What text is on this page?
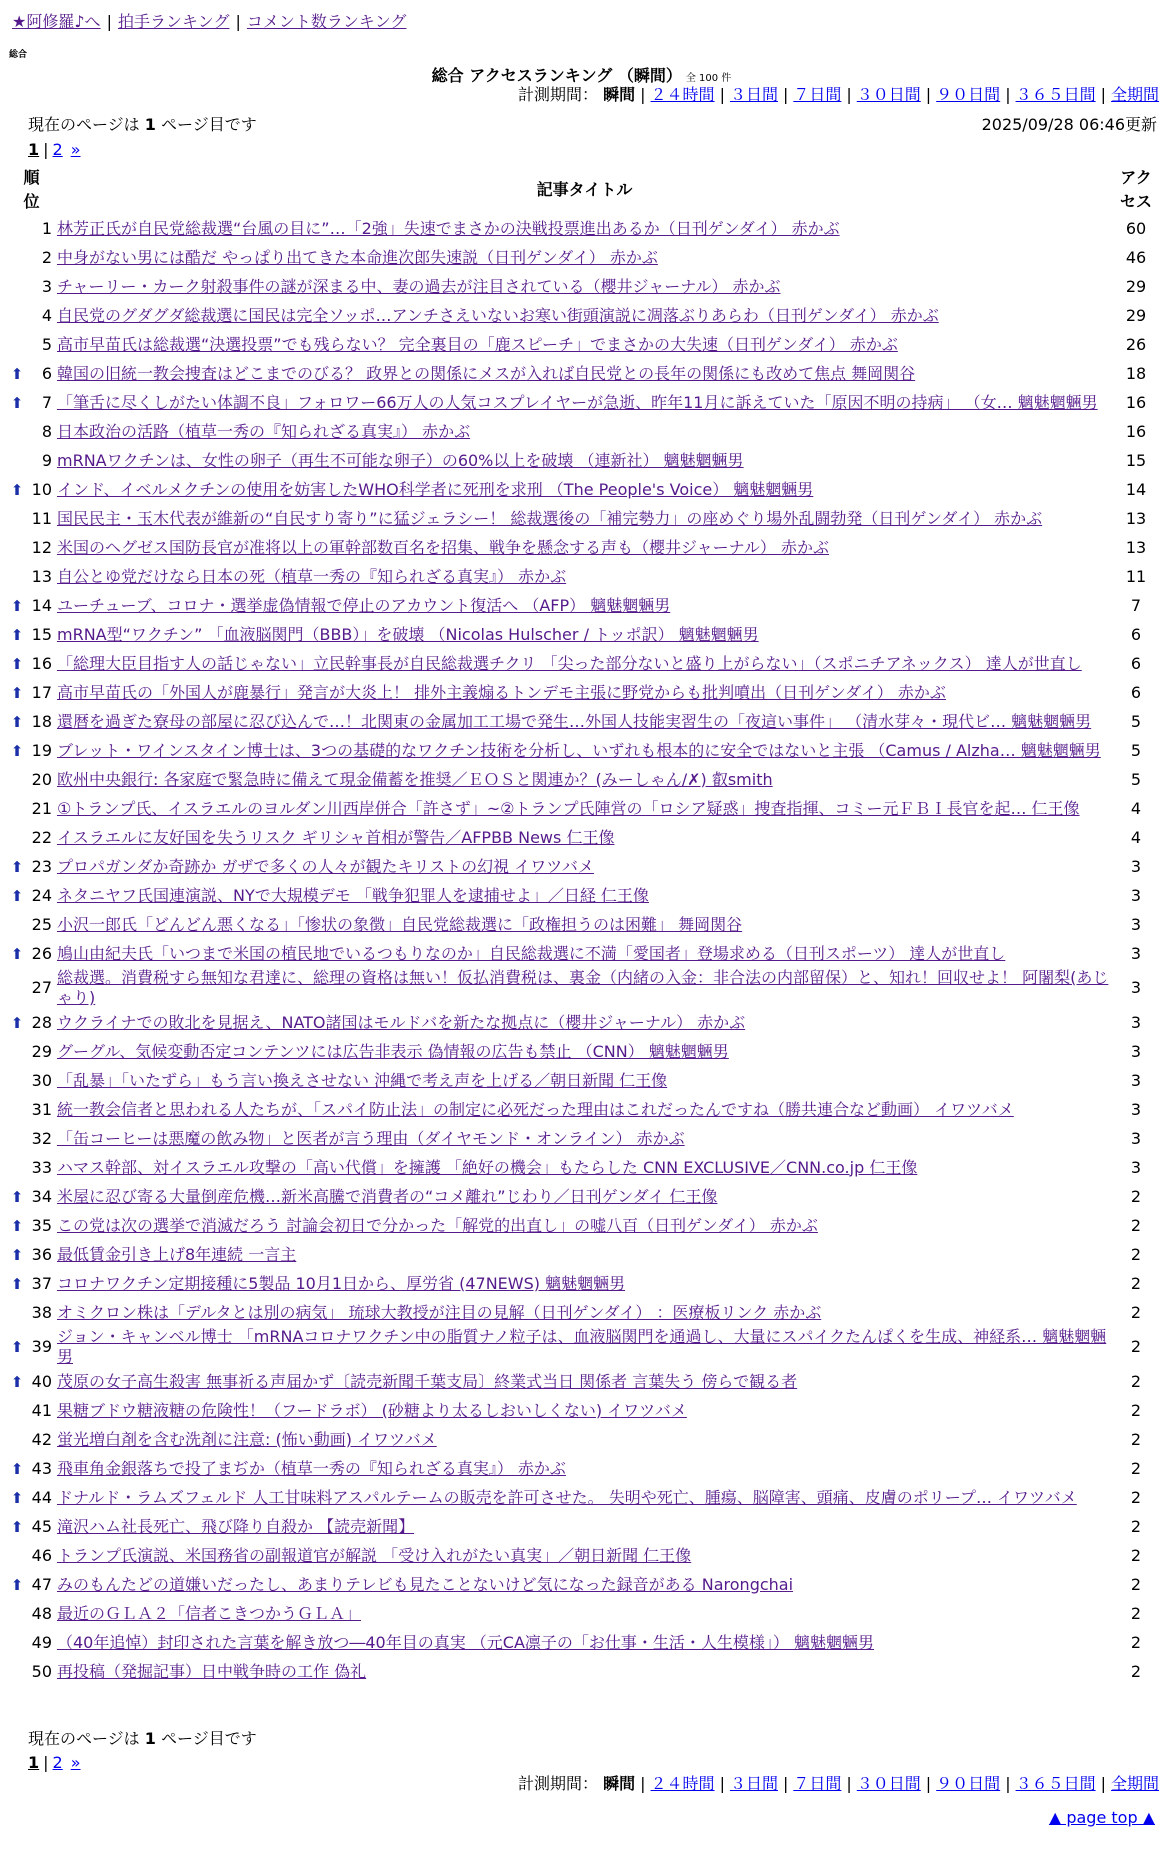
★阿修羅♪へ | 拍手ランキング | コメント数ランキング
総合
総合 アクセスランキング （瞬間） 全 100 件
計測期間： 瞬間 | ２４時間 | ３日間 | ７日間 | ３０日間 | ９０日間 | ３６５日間 | 全期間
現在のページは 1 ページ目です	2025/09/28 06:46更新
1 | 2 »
順
位		記事タイトル	アク
セス
	1	林芳正氏が自民党総裁選“台風の目に”…「2強」失速でまさかの決戦投票進出あるか（日刊ゲンダイ） 赤かぶ	60
	2	中身がない男には酷だ やっぱり出てきた本命進次郎失速説（日刊ゲンダイ） 赤かぶ	46
	3	チャーリー・カーク射殺事件の謎が深まる中、妻の過去が注目されている（櫻井ジャーナル） 赤かぶ	29
	4	自民党のグダグダ総裁選に国民は完全ソッポ…アンチさえいないお寒い街頭演説に凋落ぶりあらわ（日刊ゲンダイ） 赤かぶ	29
	5	高市早苗氏は総裁選“決選投票”でも残らない？ 完全裏目の「鹿スピーチ」でまさかの大失速（日刊ゲンダイ） 赤かぶ	26
⬆	6	韓国の旧統一教会捜査はどこまでのびる？ 政界との関係にメスが入れば自民党との長年の関係にも改めて焦点 舞岡関谷	18
⬆	7	「筆舌に尽くしがたい体調不良」フォロワー66万人の人気コスプレイヤーが急逝、昨年11月に訴えていた「原因不明の持病」 （女… 魑魅魍魎男	16
	8	日本政治の活路（植草一秀の『知られざる真実』） 赤かぶ	16
	9	mRNAワクチンは、女性の卵子（再生不可能な卵子）の60%以上を破壊 （連新社） 魑魅魍魎男	15
⬆	10	インド、イベルメクチンの使用を妨害したWHO科学者に死刑を求刑 （The People's Voice） 魑魅魍魎男	14
	11	国民民主・玉木代表が維新の“自民すり寄り”に猛ジェラシー！ 総裁選後の「補完勢力」の座めぐり場外乱闘勃発（日刊ゲンダイ） 赤かぶ	13
	12	米国のヘグゼス国防長官が准将以上の軍幹部数百名を招集、戦争を懸念する声も（櫻井ジャーナル） 赤かぶ	13
	13	自公とゆ党だけなら日本の死（植草一秀の『知られざる真実』） 赤かぶ	11
⬆	14	ユーチューブ、コロナ・選挙虚偽情報で停止のアカウント復活へ （AFP） 魑魅魍魎男	7
⬆	15	mRNA型“ワクチン” 「血液脳関門（BBB）」を破壊 （Nicolas Hulscher / トッポ訳） 魑魅魍魎男	6
⬆	16	「総理大臣目指す人の話じゃない」立民幹事長が自民総裁選チクリ 「尖った部分ないと盛り上がらない」（スポニチアネックス） 達人が世直し	6
⬆	17	高市早苗氏の「外国人が鹿暴行」発言が大炎上！ 排外主義煽るトンデモ主張に野党からも批判噴出（日刊ゲンダイ） 赤かぶ	6
⬆	18	還暦を過ぎた寮母の部屋に忍び込んで…！北関東の金属加工工場で発生…外国人技能実習生の「夜這い事件」 （清水芽々・現代ビ… 魑魅魍魎男	5
⬆	19	ブレット・ワインスタイン博士は、3つの基礎的なワクチン技術を分析し、いずれも根本的に安全ではないと主張 （Camus / Alzha… 魑魅魍魎男	5
	20	欧州中央銀行: 各家庭で緊急時に備えて現金備蓄を推奨／ＥＯＳと関連か？(みーしゃん/✗) 叡smith	5
	21	①トランプ氏、イスラエルのヨルダン川西岸併合「許さず」~②トランプ氏陣営の「ロシア疑惑」捜査指揮、コミー元ＦＢＩ長官を起… 仁王像	4
	22	イスラエルに友好国を失うリスク ギリシャ首相が警告／AFPBB News 仁王像	4
⬆	23	プロパガンダか奇跡か ガザで多くの人々が観たキリストの幻視 イワツバメ	3
⬆	24	ネタニヤフ氏国連演説、NYで大規模デモ 「戦争犯罪人を逮捕せよ」／日経 仁王像	3
	25	小沢一郎氏「どんどん悪くなる」「惨状の象徴」自民党総裁選に「政権担うのは困難」 舞岡関谷	3
⬆	26	鳩山由紀夫氏「いつまで米国の植民地でいるつもりなのか」自民総裁選に不満「愛国者」登場求める（日刊スポーツ） 達人が世直し	3
	27	総裁選。消費税すら無知な君達に、総理の資格は無い！仮払消費税は、裏金（内緒の入金：非合法の内部留保）と、知れ！回収せよ！ 阿闍梨(あじゃり)	3
⬆	28	ウクライナでの敗北を見据え、NATO諸国はモルドバを新たな拠点に（櫻井ジャーナル） 赤かぶ	3
	29	グーグル、気候変動否定コンテンツには広告非表示 偽情報の広告も禁止 （CNN） 魑魅魍魎男	3
	30	「乱暴」「いたずら」もう言い換えさせない 沖縄で考え声を上げる／朝日新聞 仁王像	3
	31	統一教会信者と思われる人たちが、「スパイ防止法」の制定に必死だった理由はこれだったんですね（勝共連合など動画） イワツバメ	3
	32	「缶コーヒーは悪魔の飲み物」と医者が言う理由（ダイヤモンド・オンライン） 赤かぶ	3
	33	ハマス幹部、対イスラエル攻撃の「高い代償」を擁護 「絶好の機会」もたらした CNN EXCLUSIVE／CNN.co.jp 仁王像	3
⬆	34	米屋に忍び寄る大量倒産危機…新米高騰で消費者の“コメ離れ”じわり／日刊ゲンダイ 仁王像	2
⬆	35	この党は次の選挙で消滅だろう 討論会初日で分かった「解党的出直し」の嘘八百（日刊ゲンダイ） 赤かぶ	2
⬆	36	最低賃金引き上げ8年連続 一言主	2
⬆	37	コロナワクチン定期接種に5製品 10月1日から、厚労省 (47NEWS) 魑魅魍魎男	2
	38	オミクロン株は「デルタとは別の病気」 琉球大教授が注目の見解（日刊ゲンダイ） ：医療板リンク 赤かぶ	2
⬆	39	ジョン・キャンベル博士 「mRNAコロナワクチン中の脂質ナノ粒子は、血液脳関門を通過し、大量にスパイクたんぱくを生成、神経系… 魑魅魍魎男	2
⬆	40	茂原の女子高生殺害 無事祈る声届かず〔読売新聞千葉支局〕終業式当日 関係者 言葉失う 傍らで観る者	2
	41	果糖ブドウ糖液糖の危険性！（フードラボ） (砂糖より太るしおいしくない) イワツバメ	2
	42	蛍光増白剤を含む洗剤に注意: (怖い動画) イワツバメ	2
⬆	43	飛車角金銀落ちで投了まぢか（植草一秀の『知られざる真実』） 赤かぶ	2
⬆	44	ドナルド・ラムズフェルド 人工甘味料アスパルテームの販売を許可させた。 失明や死亡、腫瘍、脳障害、頭痛、皮膚のポリープ… イワツバメ	2
⬆	45	滝沢ハム社長死亡、飛び降り自殺か 【読売新聞】	2
	46	トランプ氏演説、米国務省の副報道官が解説 「受け入れがたい真実」／朝日新聞 仁王像	2
⬆	47	みのもんたどの道嫌いだったし、あまりテレビも見たことないけど気になった録音がある Narongchai	2
	48	最近のＧＬＡ２「信者こきつかうＧＬＡ」	2
	49	（40年追悼）封印された言葉を解き放つ―40年目の真実 （元CA凛子の「お仕事・生活・人生模様」） 魑魅魍魎男	2
	50	再投稿（発掘記事）日中戦争時の工作 偽礼	2
現在のページは 1 ページ目です
1 | 2 »
計測期間： 瞬間 | ２４時間 | ３日間 | ７日間 | ３０日間 | ９０日間 | ３６５日間 | 全期間
▲ page top ▲
